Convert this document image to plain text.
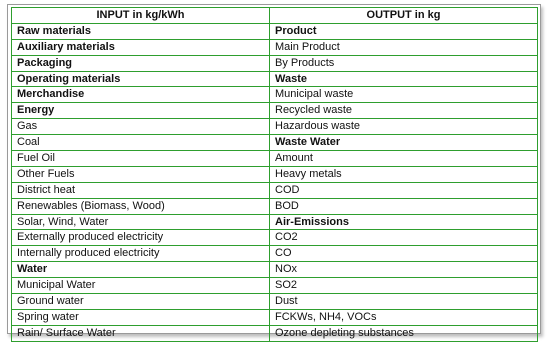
INPUT in kg/kWh	OUTPUT in kg
Raw materials	Product
Auxiliary materials	Main Product
Packaging	By Products
Operating materials	Waste
Merchandise	Municipal waste
Energy	Recycled waste
Gas	Hazardous waste
Coal	Waste Water
Fuel Oil	Amount
Other Fuels	Heavy metals
District heat	COD
Renewables (Biomass, Wood)	BOD
Solar, Wind, Water	Air-Emissions
Externally produced electricity	CO2
Internally produced electricity	CO
Water	NOx
Municipal Water	SO2
Ground water	Dust
Spring water	FCKWs, NH4, VOCs
Rain/ Surface Water	Ozone depleting substances
